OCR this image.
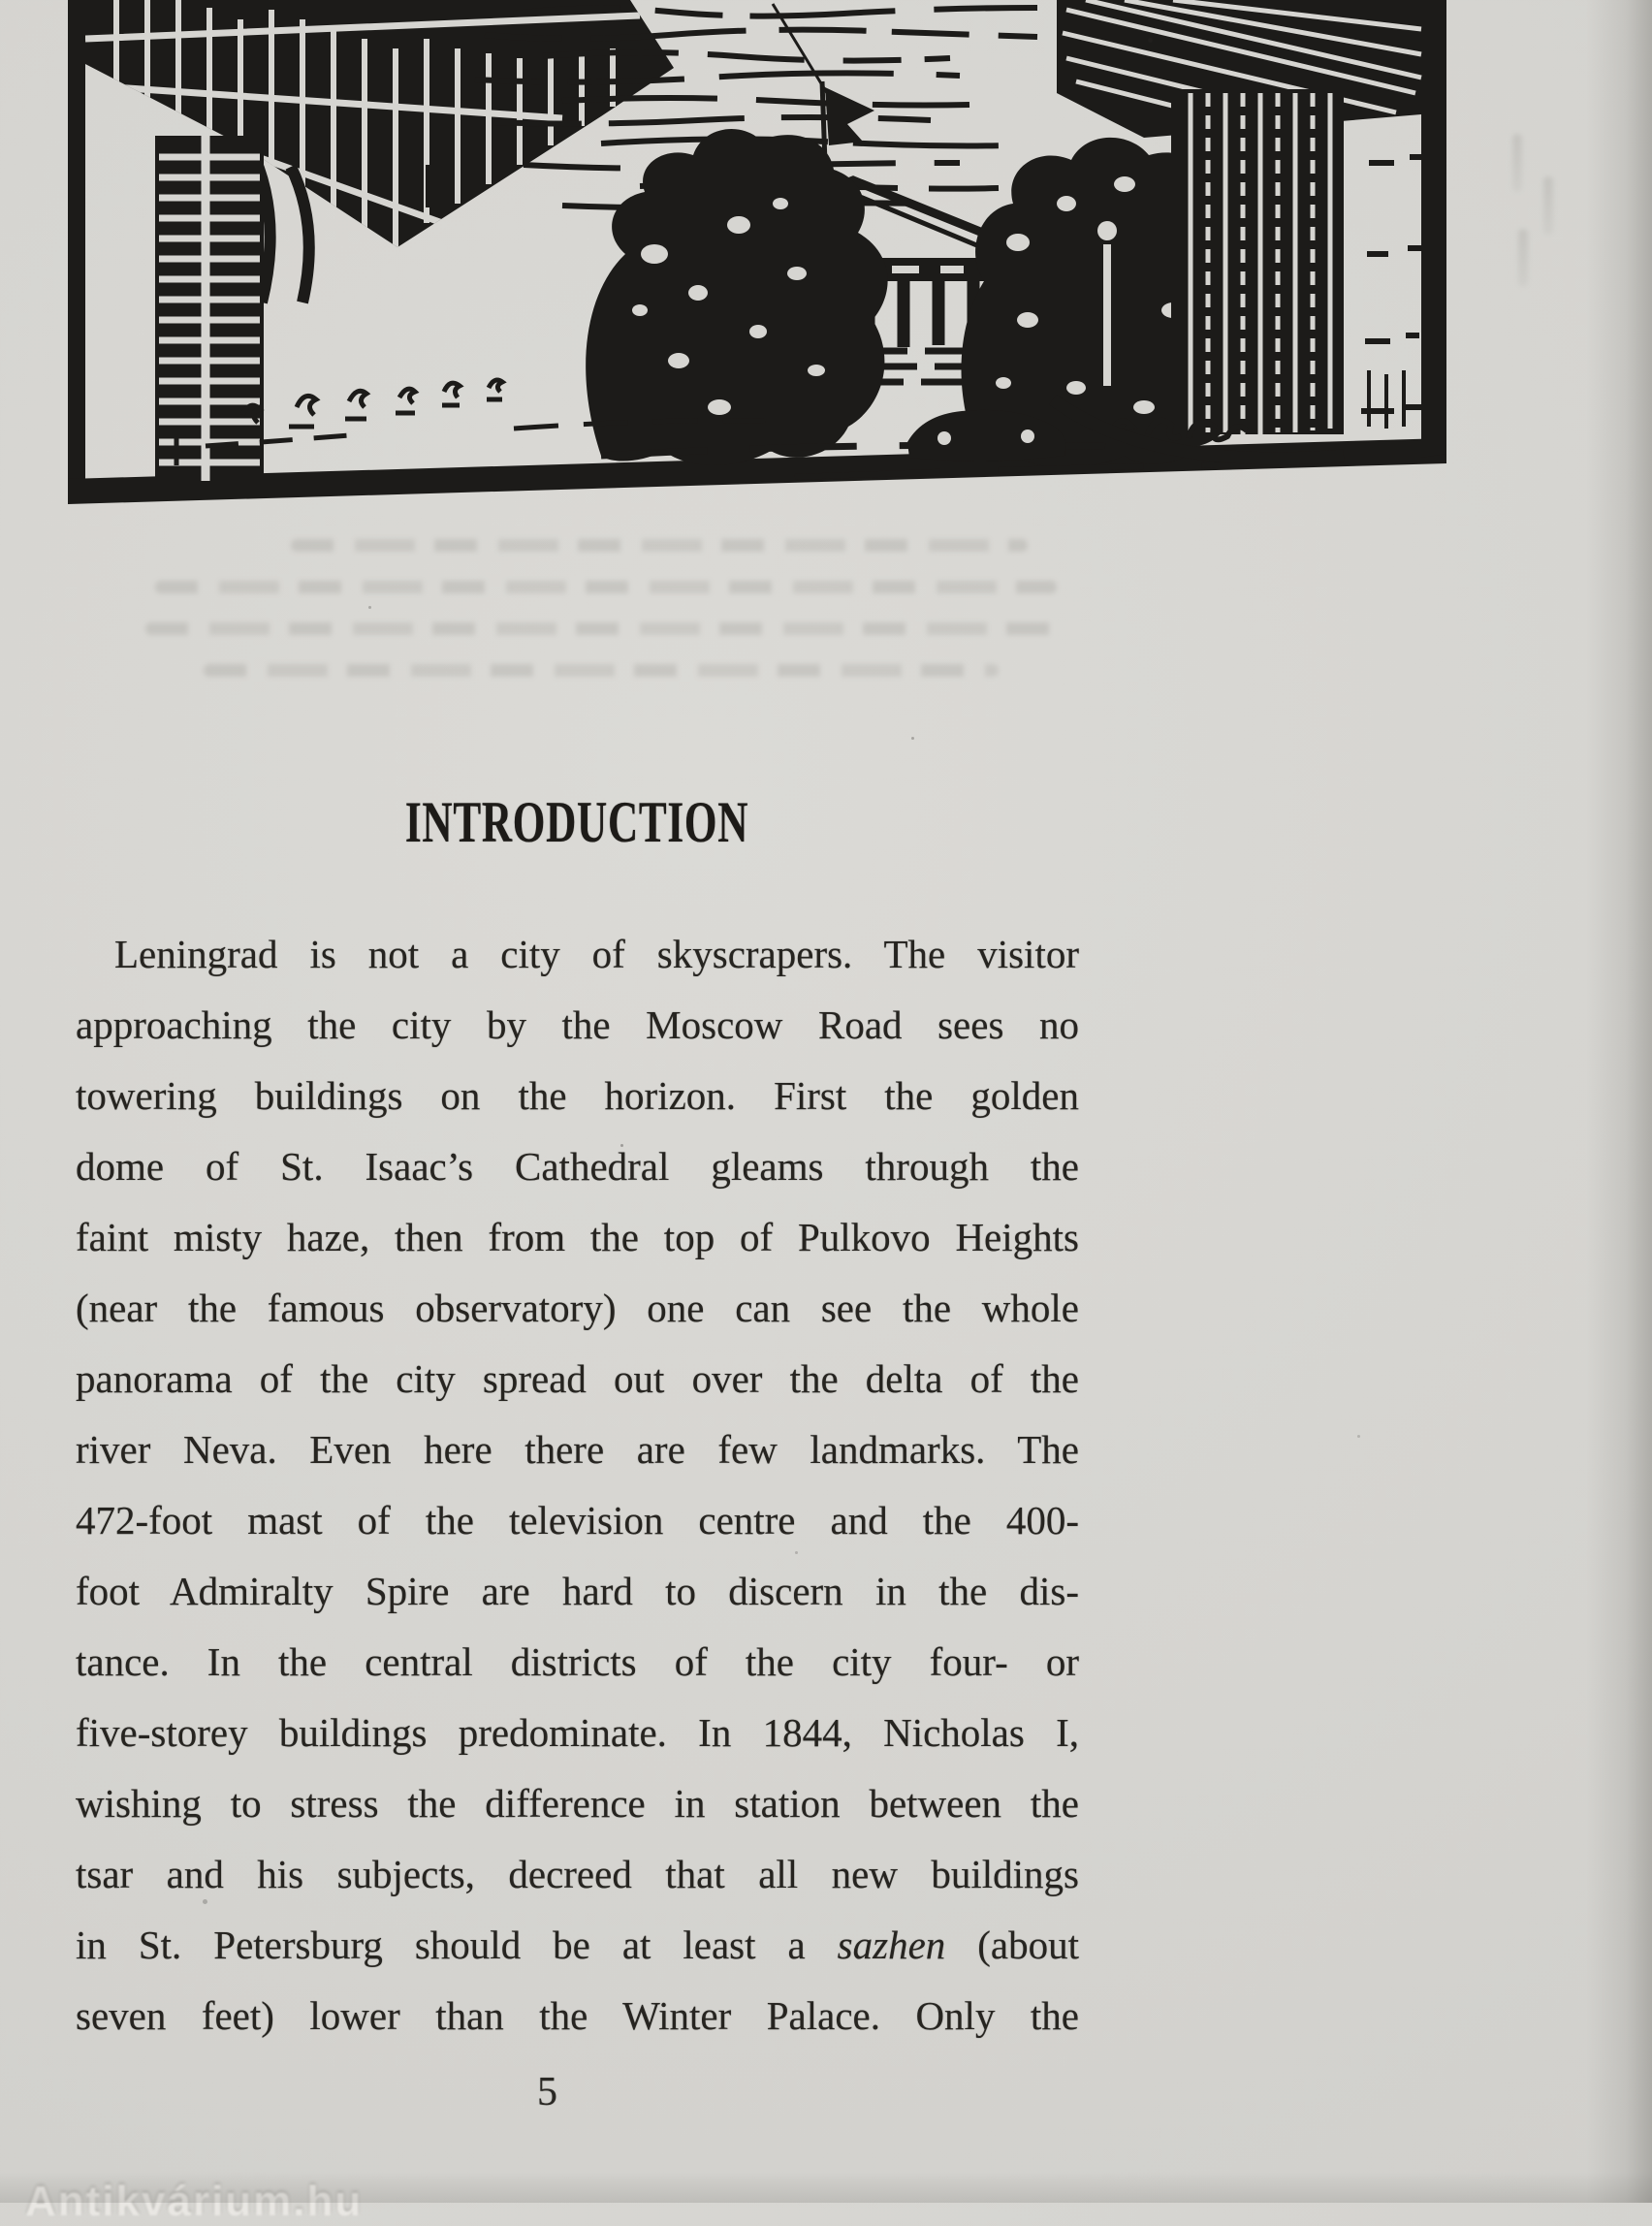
INTRODUCTION
Leningrad is not a city of skyscrapers. The visitor
approaching the city by the Moscow Road sees no
towering buildings on the horizon. First the golden
dome of St. Isaac’s Cathedral gleams through the
faint misty haze, then from the top of Pulkovo Heights
(near the famous observatory) one can see the whole
panorama of the city spread out over the delta of the
river Neva. Even here there are few landmarks. The
472-foot mast of the television centre and the 400-
foot Admiralty Spire are hard to discern in the dis-
tance. In the central districts of the city four- or
five-storey buildings predominate. In 1844, Nicholas I,
wishing to stress the difference in station between the
tsar and his subjects, decreed that all new buildings
in St. Petersburg should be at least a sazhen (about
seven feet) lower than the Winter Palace. Only the
5
Antikvárium.hu
